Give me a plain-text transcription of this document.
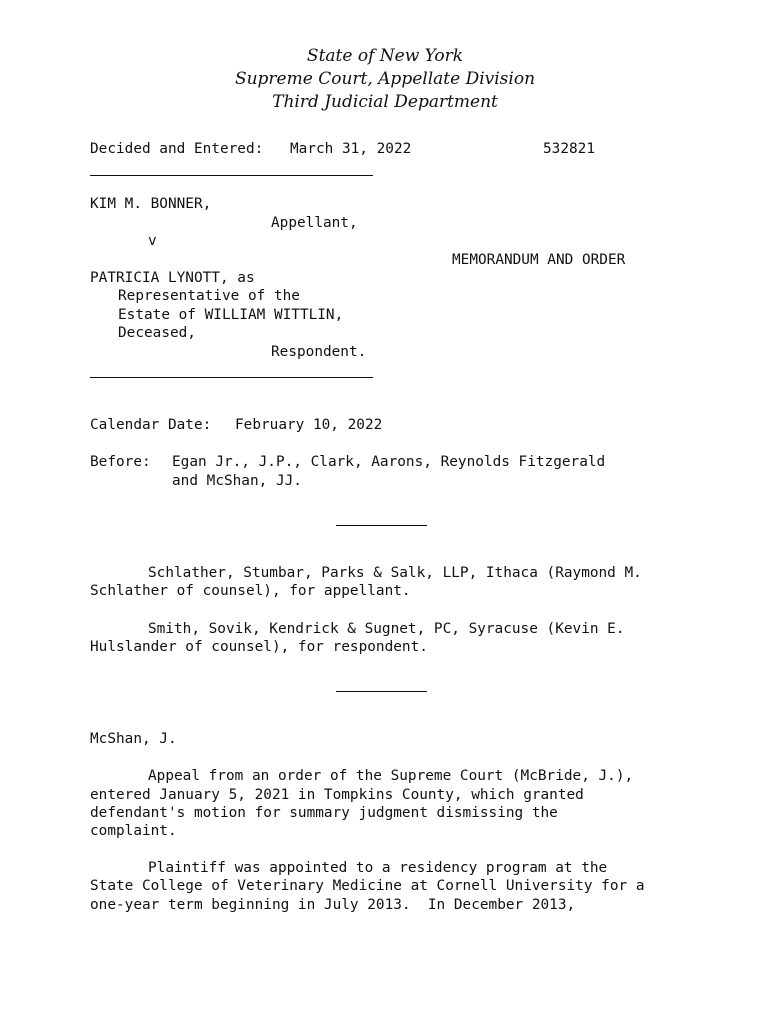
State of New York
Supreme Court, Appellate Division
Third Judicial Department
Decided and Entered: March 31, 2022	532821
KIM M. BONNER,
Appellant,
v
MEMORANDUM AND ORDER
PATRICIA LYNOTT, as
Representative of the
Estate of WILLIAM WITTLIN,
Deceased,
Respondent.
Calendar Date: February 10, 2022
Before: Egan Jr., J.P., Clark, Aarons, Reynolds Fitzgerald
and McShan, JJ.
Schlather, Stumbar, Parks & Salk, LLP, Ithaca (Raymond M.
Schlather of counsel), for appellant.
Smith, Sovik, Kendrick & Sugnet, PC, Syracuse (Kevin E.
Hulslander of counsel), for respondent.
McShan, J.
Appeal from an order of the Supreme Court (McBride, J.),
entered January 5, 2021 in Tompkins County, which granted
defendant's motion for summary judgment dismissing the
complaint.
Plaintiff was appointed to a residency program at the
State College of Veterinary Medicine at Cornell University for a
one-year term beginning in July 2013.  In December 2013,
